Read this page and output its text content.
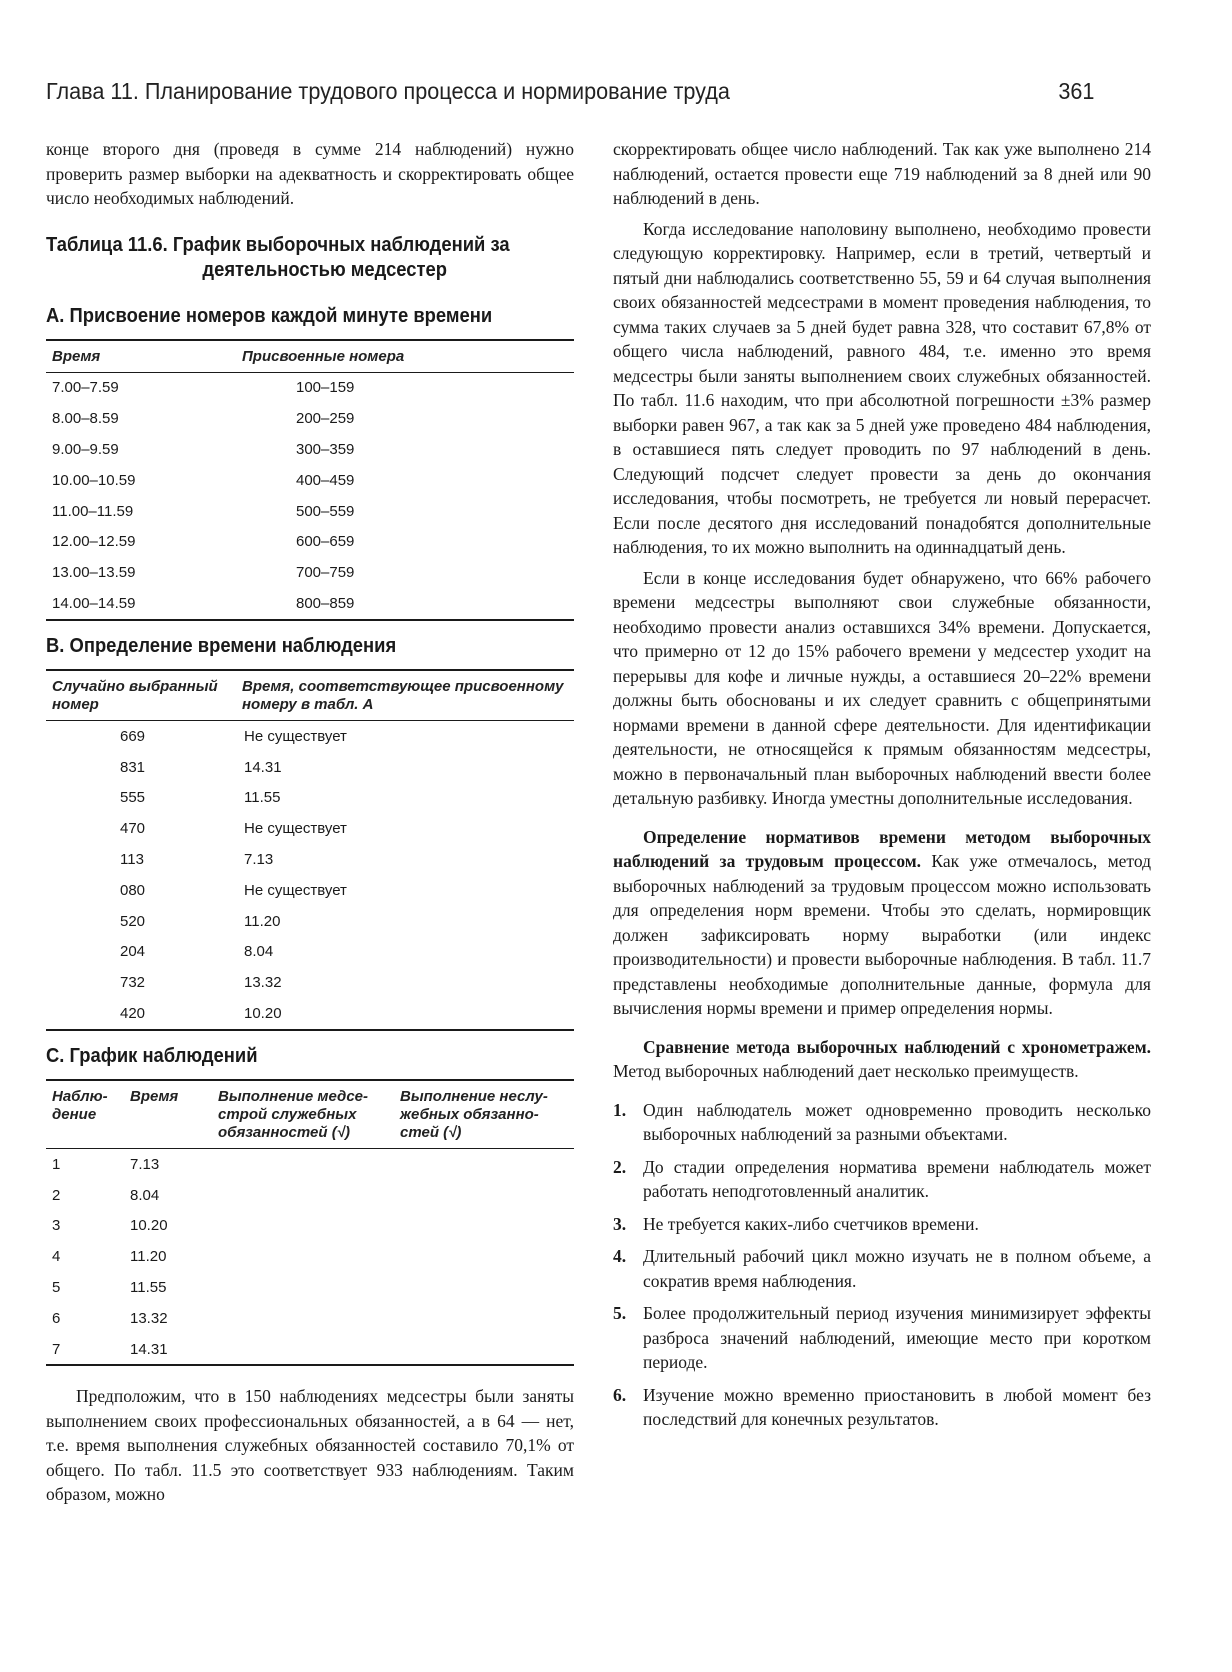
Глава 11. Планирование трудового процесса и нормирование труда	361

конце второго дня (проведя в сумме 214 наблюдений) нужно проверить размер выборки на адекватность и скорректировать общее число необходимых наблюдений.

Таблица 11.6. График выборочных наблюдений за
деятельностью медсестер
A. Присвоение номеров каждой минуте времени
Время	Присвоенные номера
7.00–7.59	100–159
8.00–8.59	200–259
9.00–9.59	300–359
10.00–10.59	400–459
11.00–11.59	500–559
12.00–12.59	600–659
13.00–13.59	700–759
14.00–14.59	800–859
B. Определение времени наблюдения
Случайно выбранный номер	Время, соответствующее присвоенному номеру в табл. А
669	Не существует
831	14.31
555	11.55
470	Не существует
113	7.13
080	Не существует
520	11.20
204	8.04
732	13.32
420	10.20
C. График наблюдений
Наблю-дение	Время	Выполнение медсе-строй служебных обязанностей (√)	Выполнение неслу-жебных обязанно-стей (√)
1	7.13		
2	8.04		
3	10.20		
4	11.20		
5	11.55		
6	13.32		
7	14.31		

Предположим, что в 150 наблюдениях медсестры были заняты выполнением своих профессиональных обязанностей, а в 64 — нет, т.е. время выполнения служебных обязанностей составило 70,1% от общего. По табл. 11.5 это соответствует 933 наблюдениям. Таким образом, можно

скорректировать общее число наблюдений. Так как уже выполнено 214 наблюдений, остается провести еще 719 наблюдений за 8 дней или 90 наблюдений в день.

Когда исследование наполовину выполнено, необходимо провести следующую корректировку. Например, если в третий, четвертый и пятый дни наблюдались соответственно 55, 59 и 64 случая выполнения своих обязанностей медсестрами в момент проведения наблюдения, то сумма таких случаев за 5 дней будет равна 328, что составит 67,8% от общего числа наблюдений, равного 484, т.е. именно это время медсестры были заняты выполнением своих служебных обязанностей. По табл. 11.6 находим, что при абсолютной погрешности ±3% размер выборки равен 967, а так как за 5 дней уже проведено 484 наблюдения, в оставшиеся пять следует проводить по 97 наблюдений в день. Следующий подсчет следует провести за день до окончания исследования, чтобы посмотреть, не требуется ли новый перерасчет. Если после десятого дня исследований понадобятся дополнительные наблюдения, то их можно выполнить на одиннадцатый день.

Если в конце исследования будет обнаружено, что 66% рабочего времени медсестры выполняют свои служебные обязанности, необходимо провести анализ оставшихся 34% времени. Допускается, что примерно от 12 до 15% рабочего времени у медсестер уходит на перерывы для кофе и личные нужды, а оставшиеся 20–22% времени должны быть обоснованы и их следует сравнить с общепринятыми нормами времени в данной сфере деятельности. Для идентификации деятельности, не относящейся к прямым обязанностям медсестры, можно в первоначальный план выборочных наблюдений ввести более детальную разбивку. Иногда уместны дополнительные исследования.

Определение нормативов времени методом выборочных наблюдений за трудовым процессом. Как уже отмечалось, метод выборочных наблюдений за трудовым процессом можно использовать для определения норм времени. Чтобы это сделать, нормировщик должен зафиксировать норму выработки (или индекс производительности) и провести выборочные наблюдения. В табл. 11.7 представлены необходимые дополнительные данные, формула для вычисления нормы времени и пример определения нормы.

Сравнение метода выборочных наблюдений с хронометражем. Метод выборочных наблюдений дает несколько преимуществ.

1. Один наблюдатель может одновременно проводить несколько выборочных наблюдений за разными объектами.
2. До стадии определения норматива времени наблюдатель может работать неподготовленный аналитик.
3. Не требуется каких-либо счетчиков времени.
4. Длительный рабочий цикл можно изучать не в полном объеме, а сократив время наблюдения.
5. Более продолжительный период изучения минимизирует эффекты разброса значений наблюдений, имеющие место при коротком периоде.
6. Изучение можно временно приостановить в любой момент без последствий для конечных результатов.
